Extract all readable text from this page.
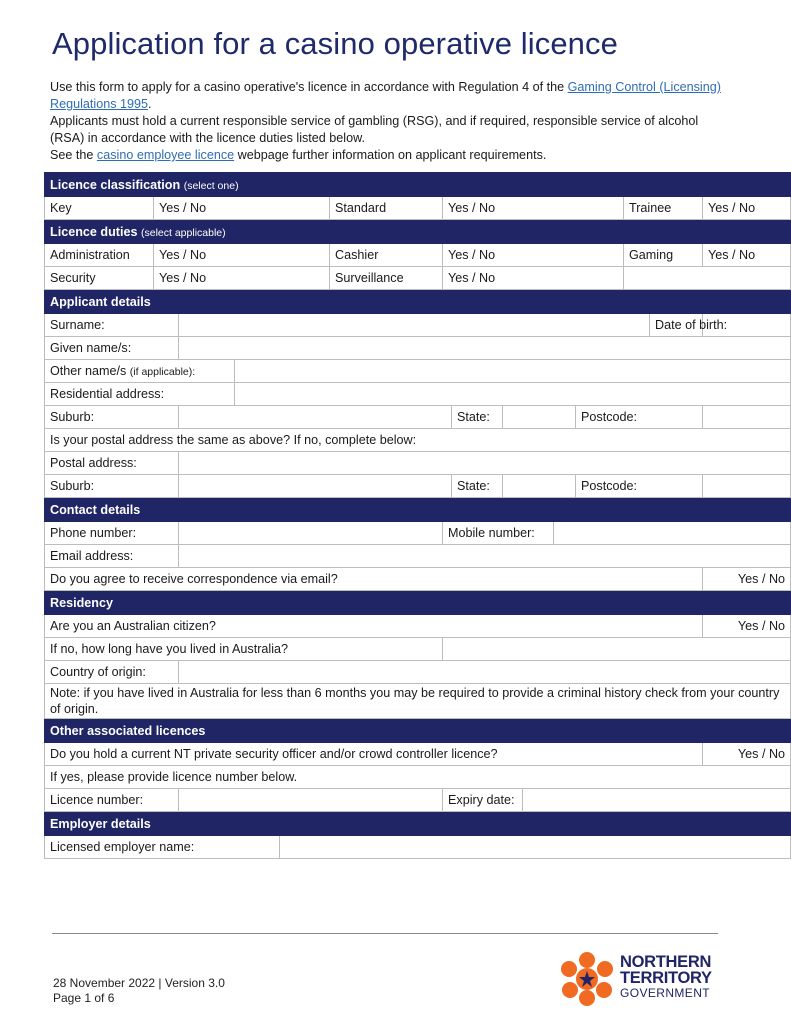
Application for a casino operative licence

Use this form to apply for a casino operative's licence in accordance with Regulation 4 of the Gaming Control (Licensing) Regulations 1995.

Applicants must hold a current responsible service of gambling (RSG), and if required, responsible service of alcohol (RSA) in accordance with the licence duties listed below.

See the casino employee licence webpage further information on applicant requirements.

Licence classification (select one)														
Key	Yes / No				Standard	Yes / No						Trainee		Yes / No
Licence duties (select applicable)														
Administration	Yes / No				Cashier	Yes / No						Gaming		Yes / No
Security	Yes / No				Surveillance	Yes / No								
Applicant details														
Surname:													Date of birth:	
Given name/s:														
Other name/s (if applicable):														
Residential address:														
Suburb:							State:				Postcode:			
Is your postal address the same as above? If no, complete below:														
Postal address:														
Suburb:							State:				Postcode:			
Contact details														
Phone number:						Mobile number:								
Email address:														
Do you agree to receive correspondence via email?														Yes / No
Residency														
Are you an Australian citizen?														Yes / No
If no, how long have you lived in Australia?														
Country of origin:														
Note: if you have lived in Australia for less than 6 months you may be required to provide a criminal history check from your country of origin.														
Other associated licences														
Do you hold a current NT private security officer and/or crowd controller licence?														Yes / No
If yes, please provide licence number below.														
Licence number:						Expiry date:								
Employer details														
Licensed employer name:														
28 November 2022 | Version 3.0
Page 1 of 6
NORTHERN
TERRITORY
GOVERNMENT
